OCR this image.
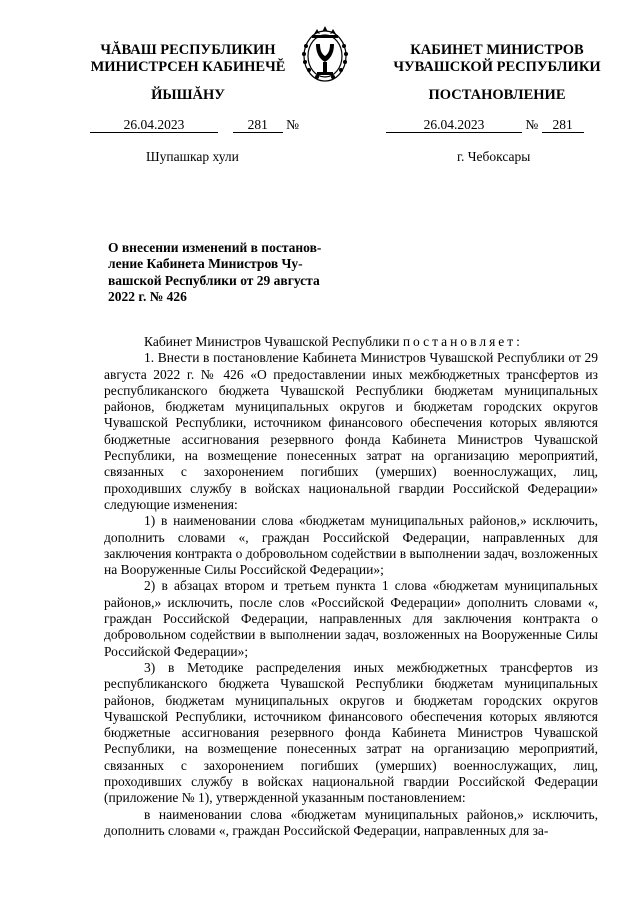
ЧĂВАШ РЕСПУБЛИКИН
МИНИСТРСЕН КАБИНЕЧĔ
КАБИНЕТ МИНИСТРОВ
ЧУВАШСКОЙ РЕСПУБЛИКИ
ЙЫШĂНУ	ПОСТАНОВЛЕНИЕ
26.04.2023	281 №	26.04.2023	№ 281
Шупашкар хули	г. Чебоксары
О внесении изменений в постанов-
ление Кабинета Министров Чу-
вашской Республики от 29 августа
2022 г. № 426

Кабинет Министров Чувашской Республики постановляет:

1. Внести в постановление Кабинета Министров Чувашской Республики от 29 августа 2022 г. № 426 «О предоставлении иных межбюджетных трансфертов из республиканского бюджета Чувашской Республики бюджетам муниципальных районов, бюджетам муниципальных округов и бюджетам городских округов Чувашской Республики, источником финансового обеспечения которых являются бюджетные ассигнования резервного фонда Кабинета Министров Чувашской Республики, на возмещение понесенных затрат на организацию мероприятий, связанных с захоронением погибших (умерших) военнослужащих, лиц, проходивших службу в войсках национальной гвардии Российской Федерации» следующие изменения:

1) в наименовании слова «бюджетам муниципальных районов,» исключить, дополнить словами «, граждан Российской Федерации, направленных для заключения контракта о добровольном содействии в выполнении задач, возложенных на Вооруженные Силы Российской Федерации»;

2) в абзацах втором и третьем пункта 1 слова «бюджетам муниципальных районов,» исключить, после слов «Российской Федерации» дополнить словами «, граждан Российской Федерации, направленных для заключения контракта о добровольном содействии в выполнении задач, возложенных на Вооруженные Силы Российской Федерации»;

3) в Методике распределения иных межбюджетных трансфертов из республиканского бюджета Чувашской Республики бюджетам муниципальных районов, бюджетам муниципальных округов и бюджетам городских округов Чувашской Республики, источником финансового обеспечения которых являются бюджетные ассигнования резервного фонда Кабинета Министров Чувашской Республики, на возмещение понесенных затрат на организацию мероприятий, связанных с захоронением погибших (умерших) военнослужащих, лиц, проходивших службу в войсках национальной гвардии Российской Федерации (приложение № 1), утвержденной указанным постановлением:

в наименовании слова «бюджетам муниципальных районов,» исключить, дополнить словами «, граждан Российской Федерации, направленных для за-
